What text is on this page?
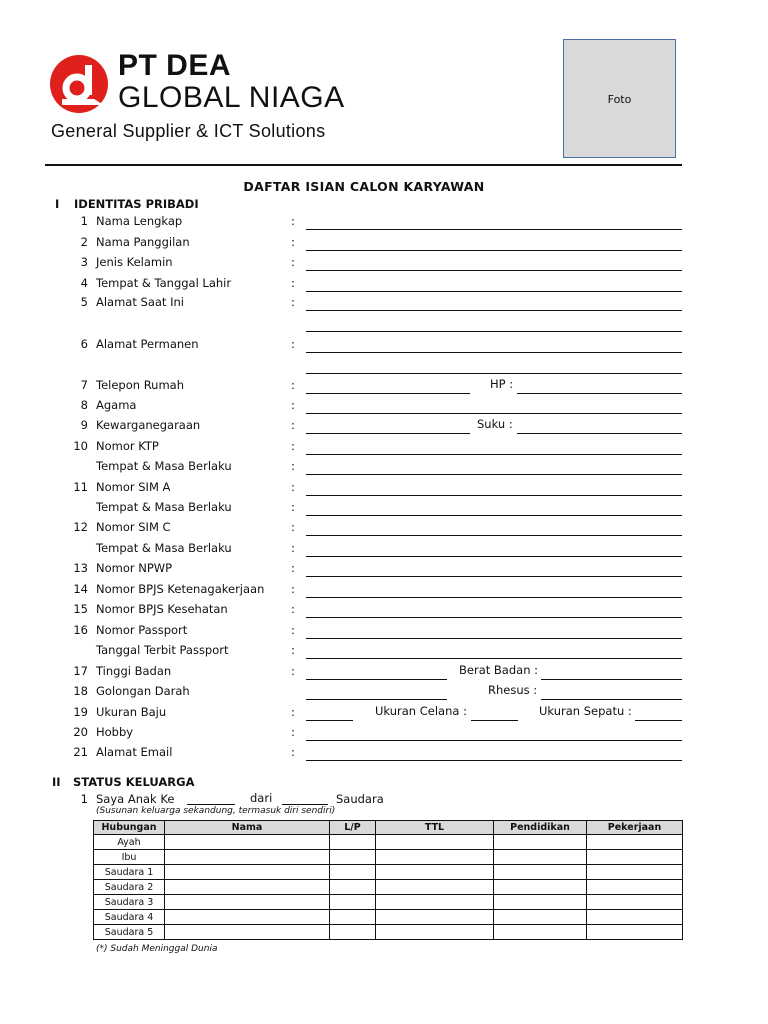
PT DEA
GLOBAL NIAGA
General Supplier & ICT Solutions
Foto
DAFTAR ISIAN CALON KARYAWAN
I IDENTITAS PRIBADI
1 Nama Lengkap	:
2 Nama Panggilan	:
3 Jenis Kelamin	:
4 Tempat & Tanggal Lahir	:
5 Alamat Saat Ini	:
6 Alamat Permanen	:
7 Telepon Rumah	:	HP :
8 Agama	:
9 Kewarganegaraan	:	Suku :
10 Nomor KTP	:
Tempat & Masa Berlaku	:
11 Nomor SIM A	:
Tempat & Masa Berlaku	:
12 Nomor SIM C	:
Tempat & Masa Berlaku	:
13 Nomor NPWP	:
14 Nomor BPJS Ketenagakerjaan :
15 Nomor BPJS Kesehatan	:
16 Nomor Passport	:
Tanggal Terbit Passport	:
17 Tinggi Badan	:	Berat Badan :
18 Golongan Darah	Rhesus :
19 Ukuran Baju	:	Ukuran Celana :	Ukuran Sepatu :
20 Hobby	:
21 Alamat Email	:
II STATUS KELUARGA
1 Saya Anak Ke	dari	Saudara
(Susunan keluarga sekandung, termasuk diri sendiri)
Hubungan	Nama	L/P	TTL	Pendidikan	Pekerjaan
Ayah					
Ibu					
Saudara 1					
Saudara 2					
Saudara 3					
Saudara 4					
Saudara 5					
(*) Sudah Meninggal Dunia
